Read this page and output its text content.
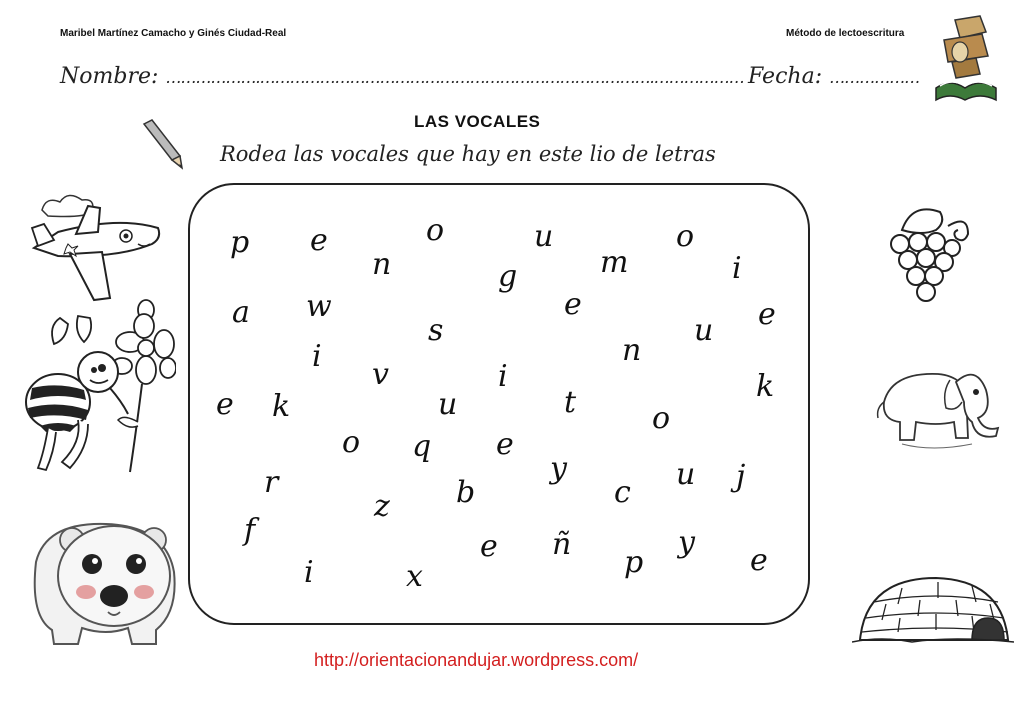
Maribel Martínez Camacho y Ginés Ciudad-Real	Método de lectoescritura
Nombre: ……………….…………………………………………………………………….……………… Fecha: ………………
LAS VOCALES
Rodea las vocales que hay en este lio de letras
p e	o	u	o
n	g	m	i
a w	e	e
s	u
n
i
v	i
e k	u	t	k
o
o q e
y
r	u j
b	c
z
f	e ñ	y
p	e
i	x
http://orientacionandujar.wordpress.com/
